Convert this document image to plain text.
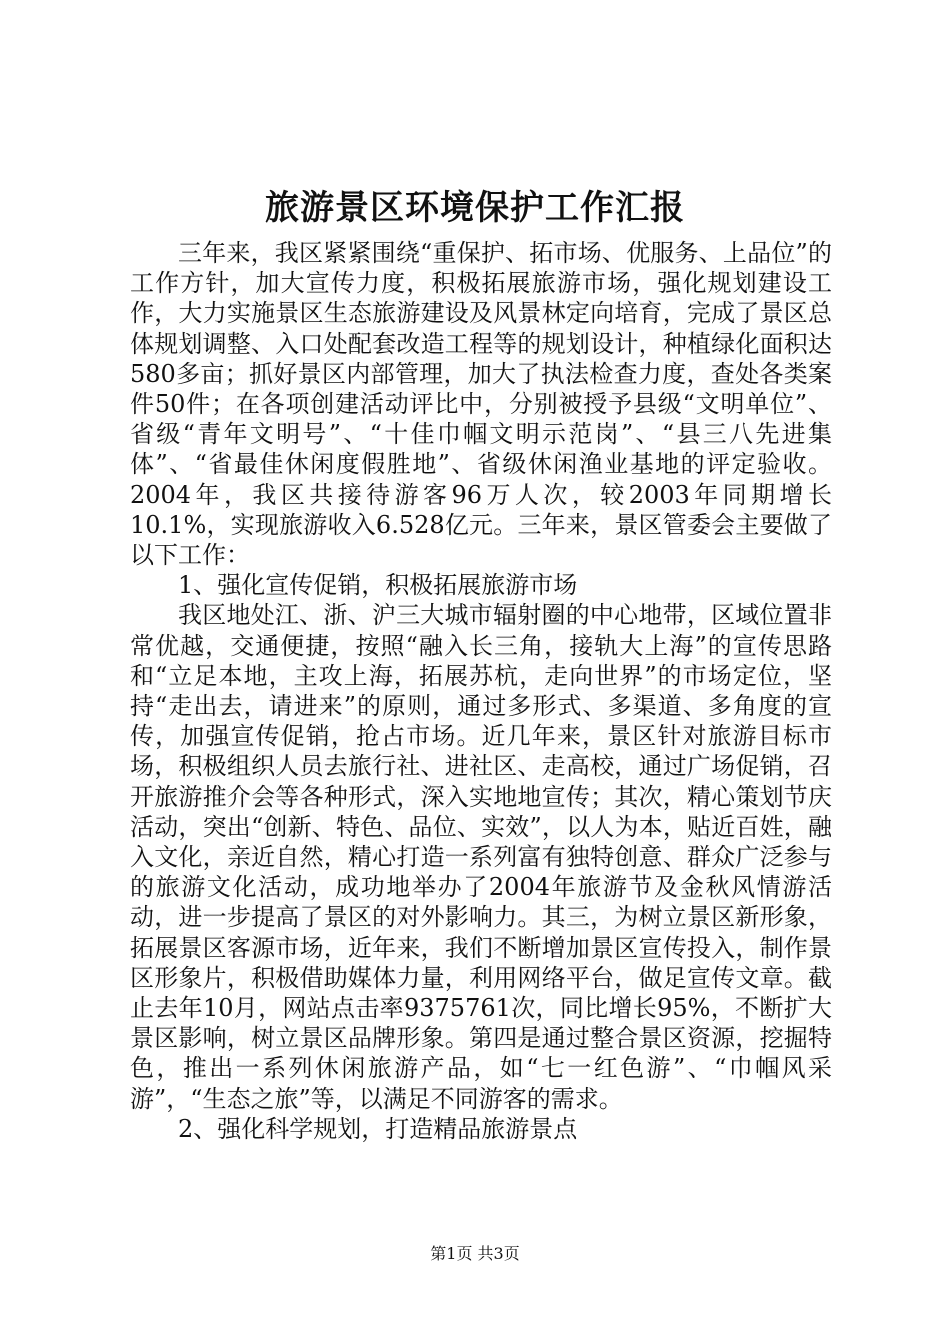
旅游景区环境保护工作汇报

三年来，我区紧紧围绕“重保护、拓市场、优服务、上品位”的工作方针，加大宣传力度，积极拓展旅游市场，强化规划建设工作，大力实施景区生态旅游建设及风景林定向培育，完成了景区总体规划调整、入口处配套改造工程等的规划设计，种植绿化面积达580多亩；抓好景区内部管理，加大了执法检查力度，查处各类案件50件；在各项创建活动评比中，分别被授予县级“文明单位”、省级“青年文明号”、“十佳巾帼文明示范岗”、“县三八先进集体”、“省最佳休闲度假胜地”、省级休闲渔业基地的评定验收。2004年，我区共接待游客96万人次，较2003年同期增长10.1%，实现旅游收入6.528亿元。三年来，景区管委会主要做了以下工作：

1、强化宣传促销，积极拓展旅游市场

我区地处江、浙、沪三大城市辐射圈的中心地带，区域位置非常优越，交通便捷，按照“融入长三角，接轨大上海”的宣传思路和“立足本地，主攻上海，拓展苏杭，走向世界”的市场定位，坚持“走出去，请进来”的原则，通过多形式、多渠道、多角度的宣传，加强宣传促销，抢占市场。近几年来，景区针对旅游目标市场，积极组织人员去旅行社、进社区、走高校，通过广场促销，召开旅游推介会等各种形式，深入实地地宣传；其次，精心策划节庆活动，突出“创新、特色、品位、实效”，以人为本，贴近百姓，融入文化，亲近自然，精心打造一系列富有独特创意、群众广泛参与的旅游文化活动，成功地举办了2004年旅游节及金秋风情游活动，进一步提高了景区的对外影响力。其三，为树立景区新形象，拓展景区客源市场，近年来，我们不断增加景区宣传投入，制作景区形象片，积极借助媒体力量，利用网络平台，做足宣传文章。截止去年10月，网站点击率9375761次，同比增长95%，不断扩大景区影响，树立景区品牌形象。第四是通过整合景区资源，挖掘特色，推出一系列休闲旅游产品，如“七一红色游”、“巾帼风采游”，“生态之旅”等，以满足不同游客的需求。

2、强化科学规划，打造精品旅游景点

第1页 共3页
